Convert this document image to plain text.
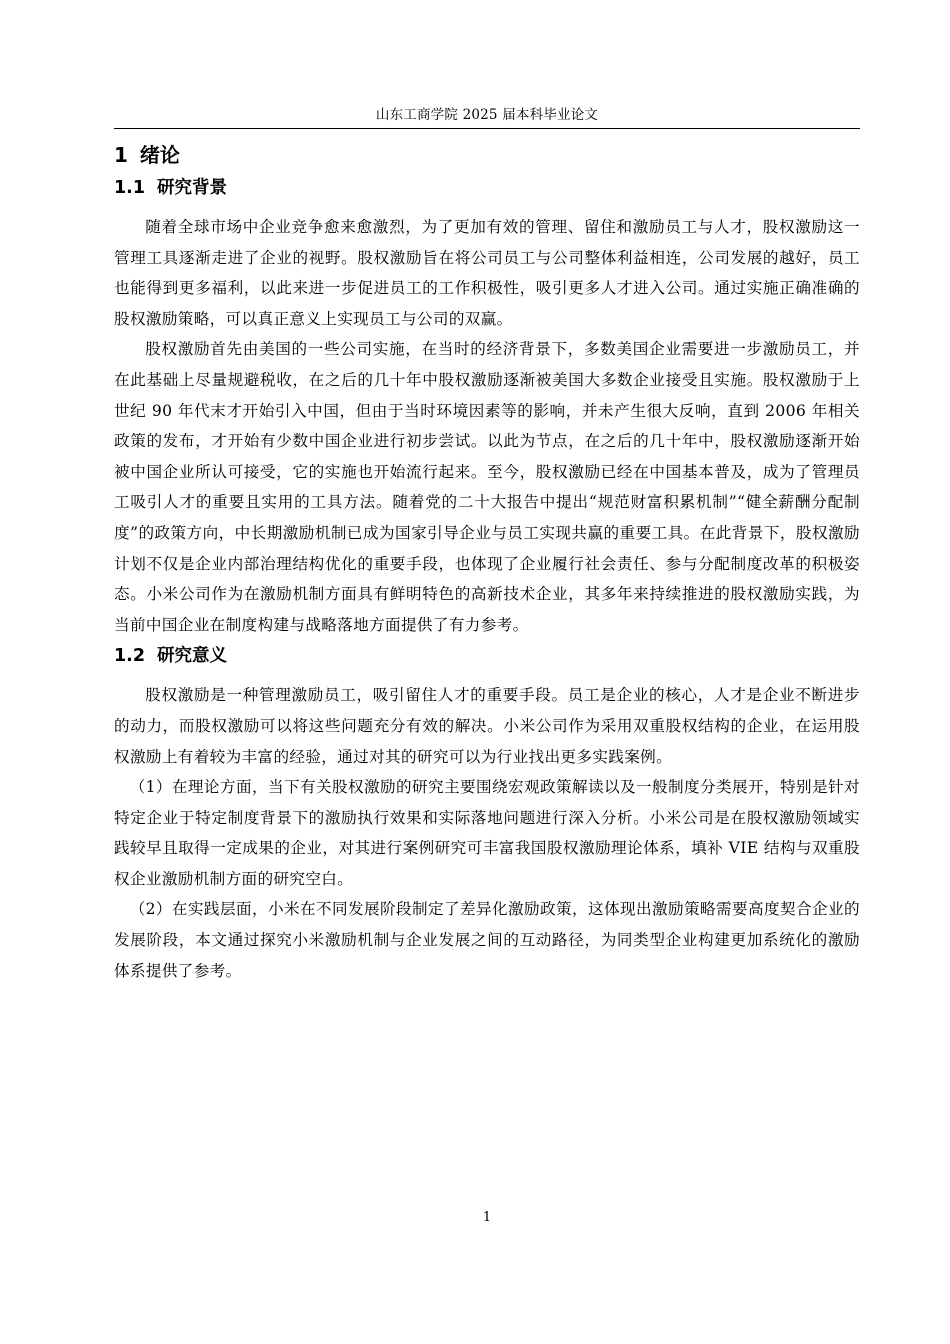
山东工商学院 2025 届本科毕业论文
1 绪论
1.1 研究背景

随着全球市场中企业竞争愈来愈激烈，为了更加有效的管理、留住和激励员工与人才，股权激励这一管理工具逐渐走进了企业的视野。股权激励旨在将公司员工与公司整体利益相连，公司发展的越好，员工也能得到更多福利，以此来进一步促进员工的工作积极性，吸引更多人才进入公司。通过实施正确准确的股权激励策略，可以真正意义上实现员工与公司的双赢。

股权激励首先由美国的一些公司实施，在当时的经济背景下，多数美国企业需要进一步激励员工，并在此基础上尽量规避税收，在之后的几十年中股权激励逐渐被美国大多数企业接受且实施。股权激励于上世纪 90 年代末才开始引入中国，但由于当时环境因素等的影响，并未产生很大反响，直到 2006 年相关政策的发布，才开始有少数中国企业进行初步尝试。以此为节点，在之后的几十年中，股权激励逐渐开始被中国企业所认可接受，它的实施也开始流行起来。至今，股权激励已经在中国基本普及，成为了管理员工吸引人才的重要且实用的工具方法。随着党的二十大报告中提出“规范财富积累机制”“健全薪酬分配制度”的政策方向，中长期激励机制已成为国家引导企业与员工实现共赢的重要工具。在此背景下，股权激励计划不仅是企业内部治理结构优化的重要手段，也体现了企业履行社会责任、参与分配制度改革的积极姿态。小米公司作为在激励机制方面具有鲜明特色的高新技术企业，其多年来持续推进的股权激励实践，为当前中国企业在制度构建与战略落地方面提供了有力参考。

1.2 研究意义

股权激励是一种管理激励员工，吸引留住人才的重要手段。员工是企业的核心，人才是企业不断进步的动力，而股权激励可以将这些问题充分有效的解决。小米公司作为采用双重股权结构的企业，在运用股权激励上有着较为丰富的经验，通过对其的研究可以为行业找出更多实践案例。

（1）在理论方面，当下有关股权激励的研究主要围绕宏观政策解读以及一般制度分类展开，特别是针对特定企业于特定制度背景下的激励执行效果和实际落地问题进行深入分析。小米公司是在股权激励领域实践较早且取得一定成果的企业，对其进行案例研究可丰富我国股权激励理论体系，填补 VIE 结构与双重股权企业激励机制方面的研究空白。

（2）在实践层面，小米在不同发展阶段制定了差异化激励政策，这体现出激励策略需要高度契合企业的发展阶段，本文通过探究小米激励机制与企业发展之间的互动路径，为同类型企业构建更加系统化的激励体系提供了参考。

1
